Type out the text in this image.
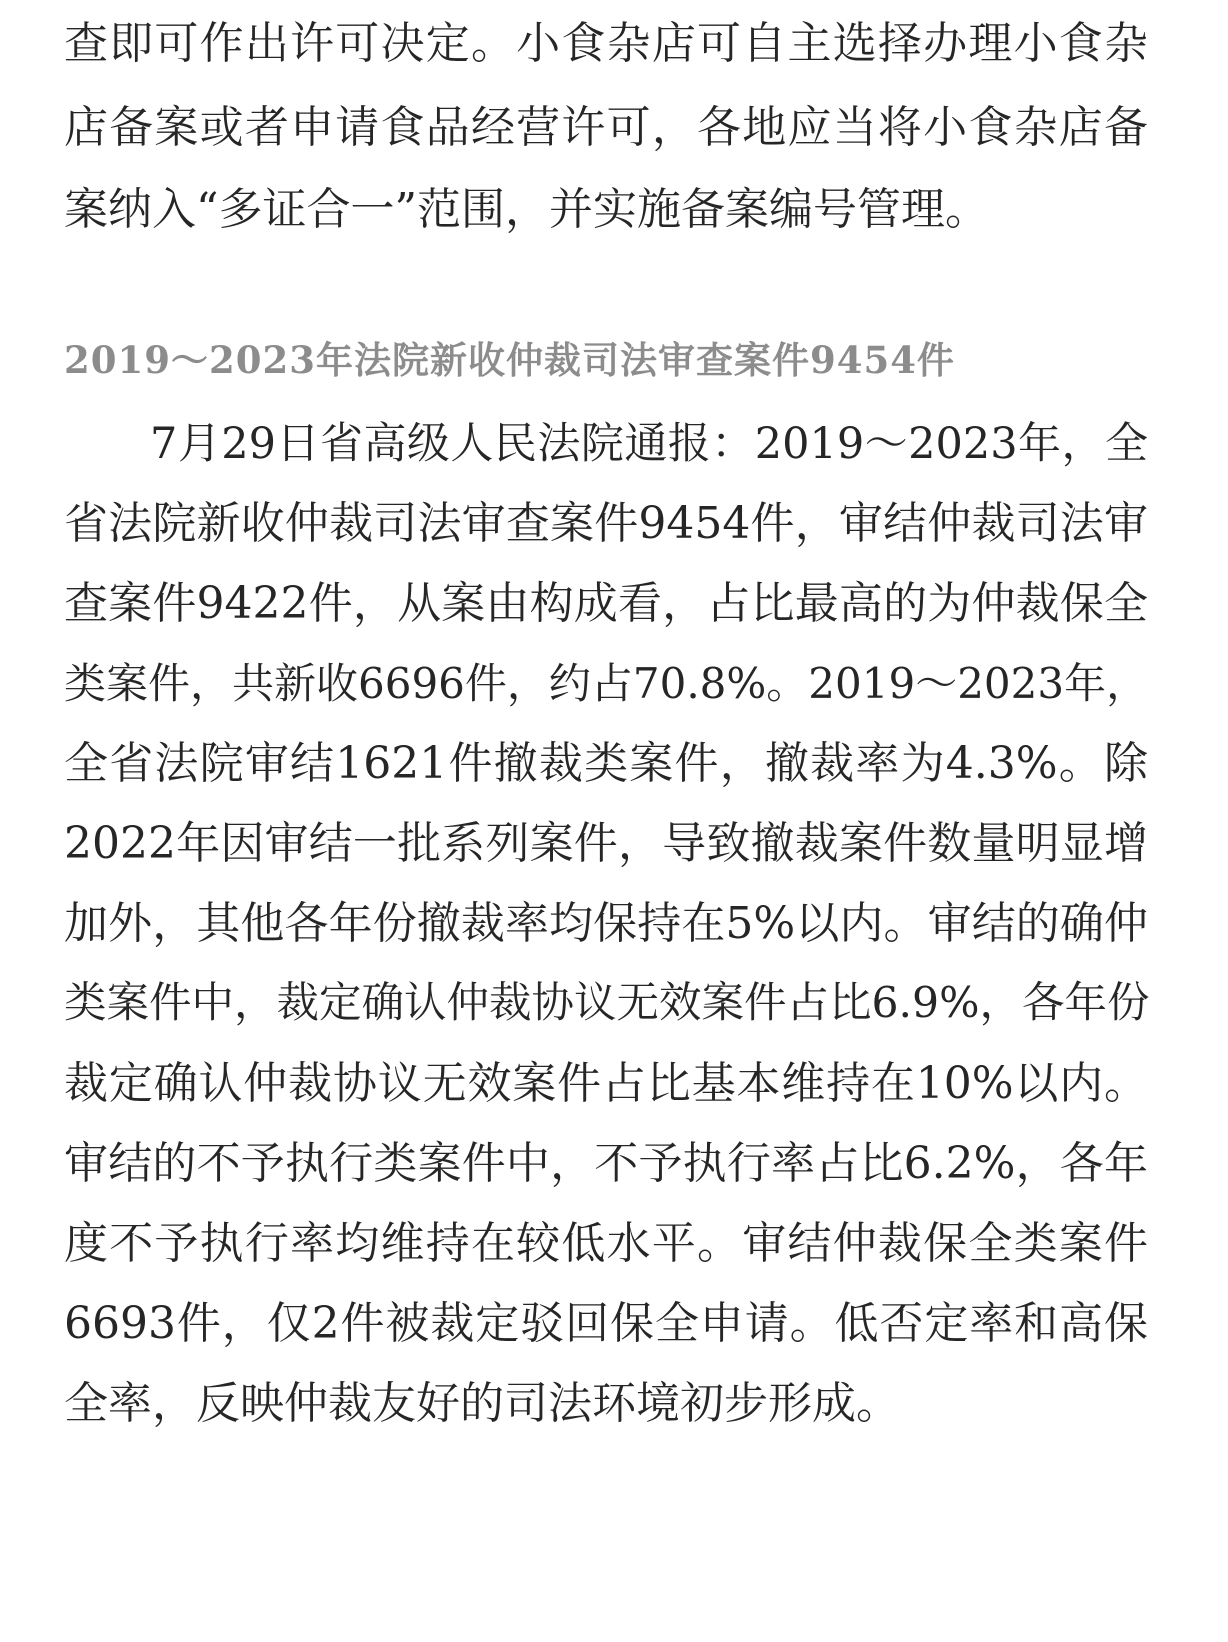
查即可作出许可决定。小食杂店可自主选择办理小食杂
店备案或者申请食品经营许可，各地应当将小食杂店备
案纳入“多证合一”范围，并实施备案编号管理。
2019～2023年法院新收仲裁司法审查案件9454件
7月29日省高级人民法院通报：2019～2023年，全
省法院新收仲裁司法审查案件9454件，审结仲裁司法审
查案件9422件，从案由构成看，占比最高的为仲裁保全
类案件，共新收6696件，约占70.8%。2019～2023年，
全省法院审结1621件撤裁类案件，撤裁率为4.3%。除
2022年因审结一批系列案件，导致撤裁案件数量明显增
加外，其他各年份撤裁率均保持在5%以内。审结的确仲
类案件中，裁定确认仲裁协议无效案件占比6.9%，各年份
裁定确认仲裁协议无效案件占比基本维持在10%以内。
审结的不予执行类案件中，不予执行率占比6.2%，各年
度不予执行率均维持在较低水平。审结仲裁保全类案件
6693件，仅2件被裁定驳回保全申请。低否定率和高保
全率，反映仲裁友好的司法环境初步形成。
